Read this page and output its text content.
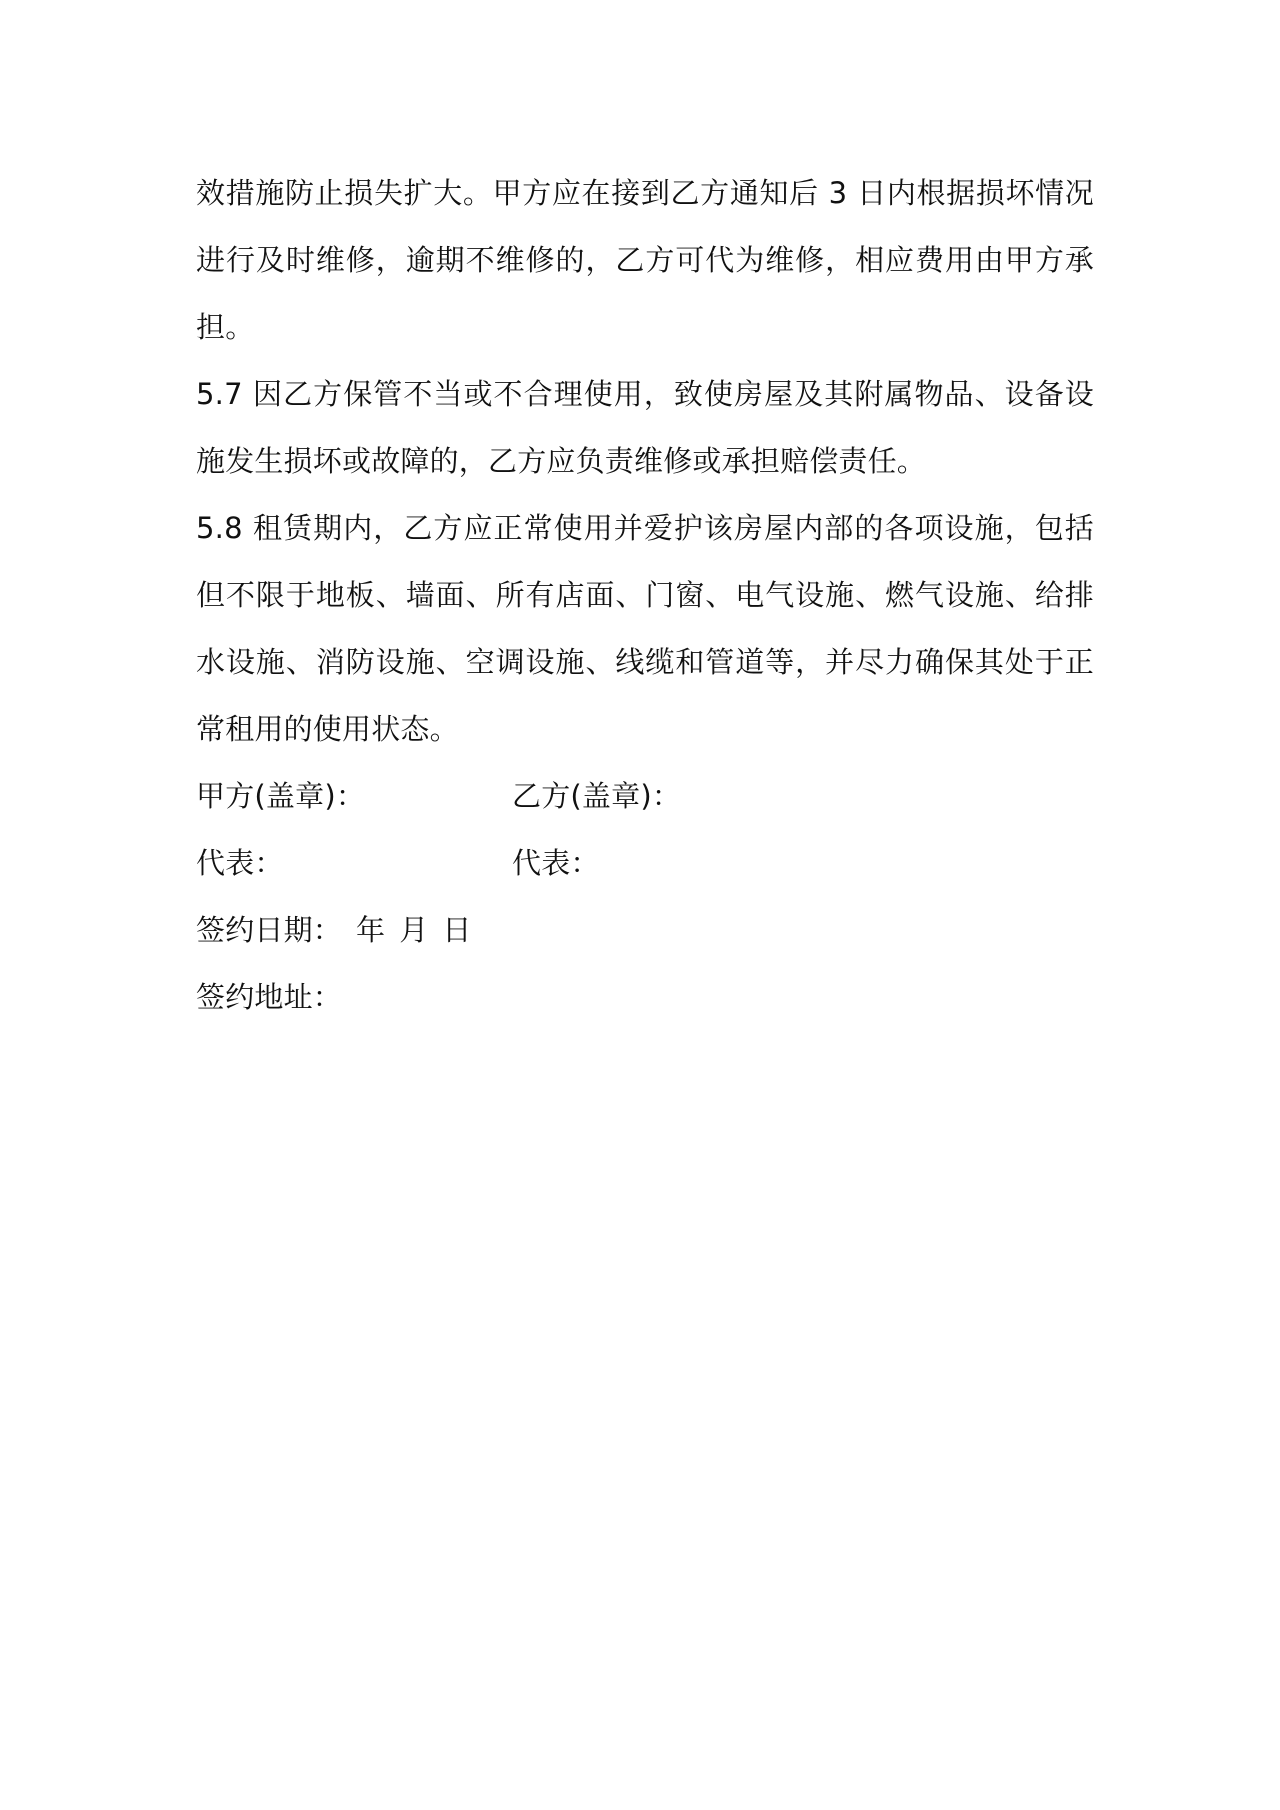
效措施防止损失扩大。甲方应在接到乙方通知后 3 日内根据损坏情况
进行及时维修，逾期不维修的，乙方可代为维修，相应费用由甲方承
担。
5.7 因乙方保管不当或不合理使用，致使房屋及其附属物品、设备设
施发生损坏或故障的，乙方应负责维修或承担赔偿责任。
5.8 租赁期内，乙方应正常使用并爱护该房屋内部的各项设施，包括
但不限于地板、墙面、所有店面、门窗、电气设施、燃气设施、给排
水设施、消防设施、空调设施、线缆和管道等，并尽力确保其处于正
常租用的使用状态。
甲方(盖章)：	乙方(盖章)：
代表：	代表：
签约日期： 年 月 日
签约地址：
